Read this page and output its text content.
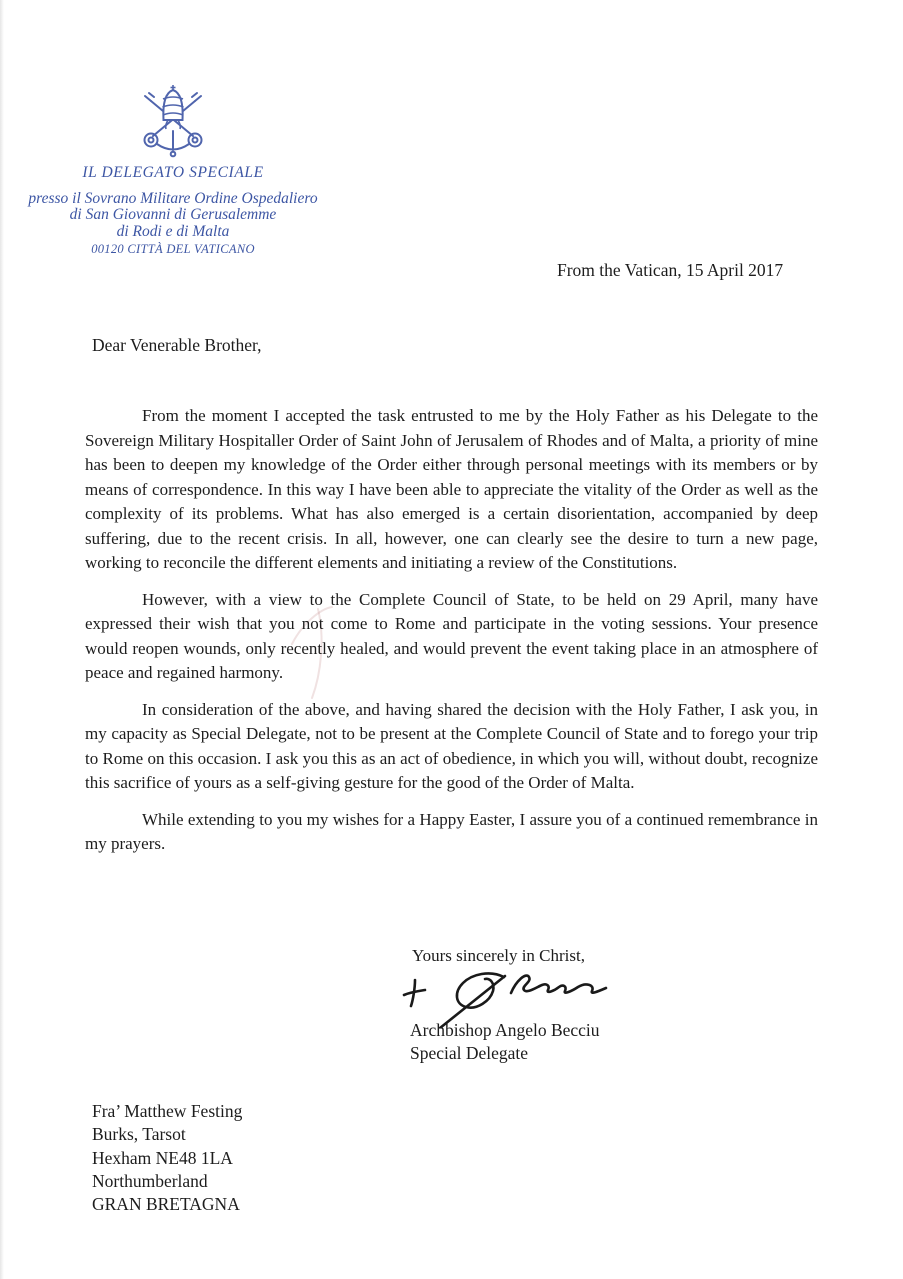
IL DELEGATO SPECIALE
presso il Sovrano Militare Ordine Ospedaliero
di San Giovanni di Gerusalemme
di Rodi e di Malta
00120 CITTÀ DEL VATICANO
From the Vatican, 15 April 2017
Dear Venerable Brother,

From the moment I accepted the task entrusted to me by the Holy Father as his Delegate to the Sovereign Military Hospitaller Order of Saint John of Jerusalem of Rhodes and of Malta, a priority of mine has been to deepen my knowledge of the Order either through personal meetings with its members or by means of correspondence. In this way I have been able to appreciate the vitality of the Order as well as the complexity of its problems. What has also emerged is a certain disorientation, accompanied by deep suffering, due to the recent crisis. In all, however, one can clearly see the desire to turn a new page, working to reconcile the different elements and initiating a review of the Constitutions.

However, with a view to the Complete Council of State, to be held on 29 April, many have expressed their wish that you not come to Rome and participate in the voting sessions. Your presence would reopen wounds, only recently healed, and would prevent the event taking place in an atmosphere of peace and regained harmony.

In consideration of the above, and having shared the decision with the Holy Father, I ask you, in my capacity as Special Delegate, not to be present at the Complete Council of State and to forego your trip to Rome on this occasion. I ask you this as an act of obedience, in which you will, without doubt, recognize this sacrifice of yours as a self-giving gesture for the good of the Order of Malta.

While extending to you my wishes for a Happy Easter, I assure you of a continued remembrance in my prayers.

Yours sincerely in Christ,
Archbishop Angelo Becciu
Special Delegate
Fra’ Matthew Festing
Burks, Tarsot
Hexham NE48 1LA
Northumberland
GRAN BRETAGNA
